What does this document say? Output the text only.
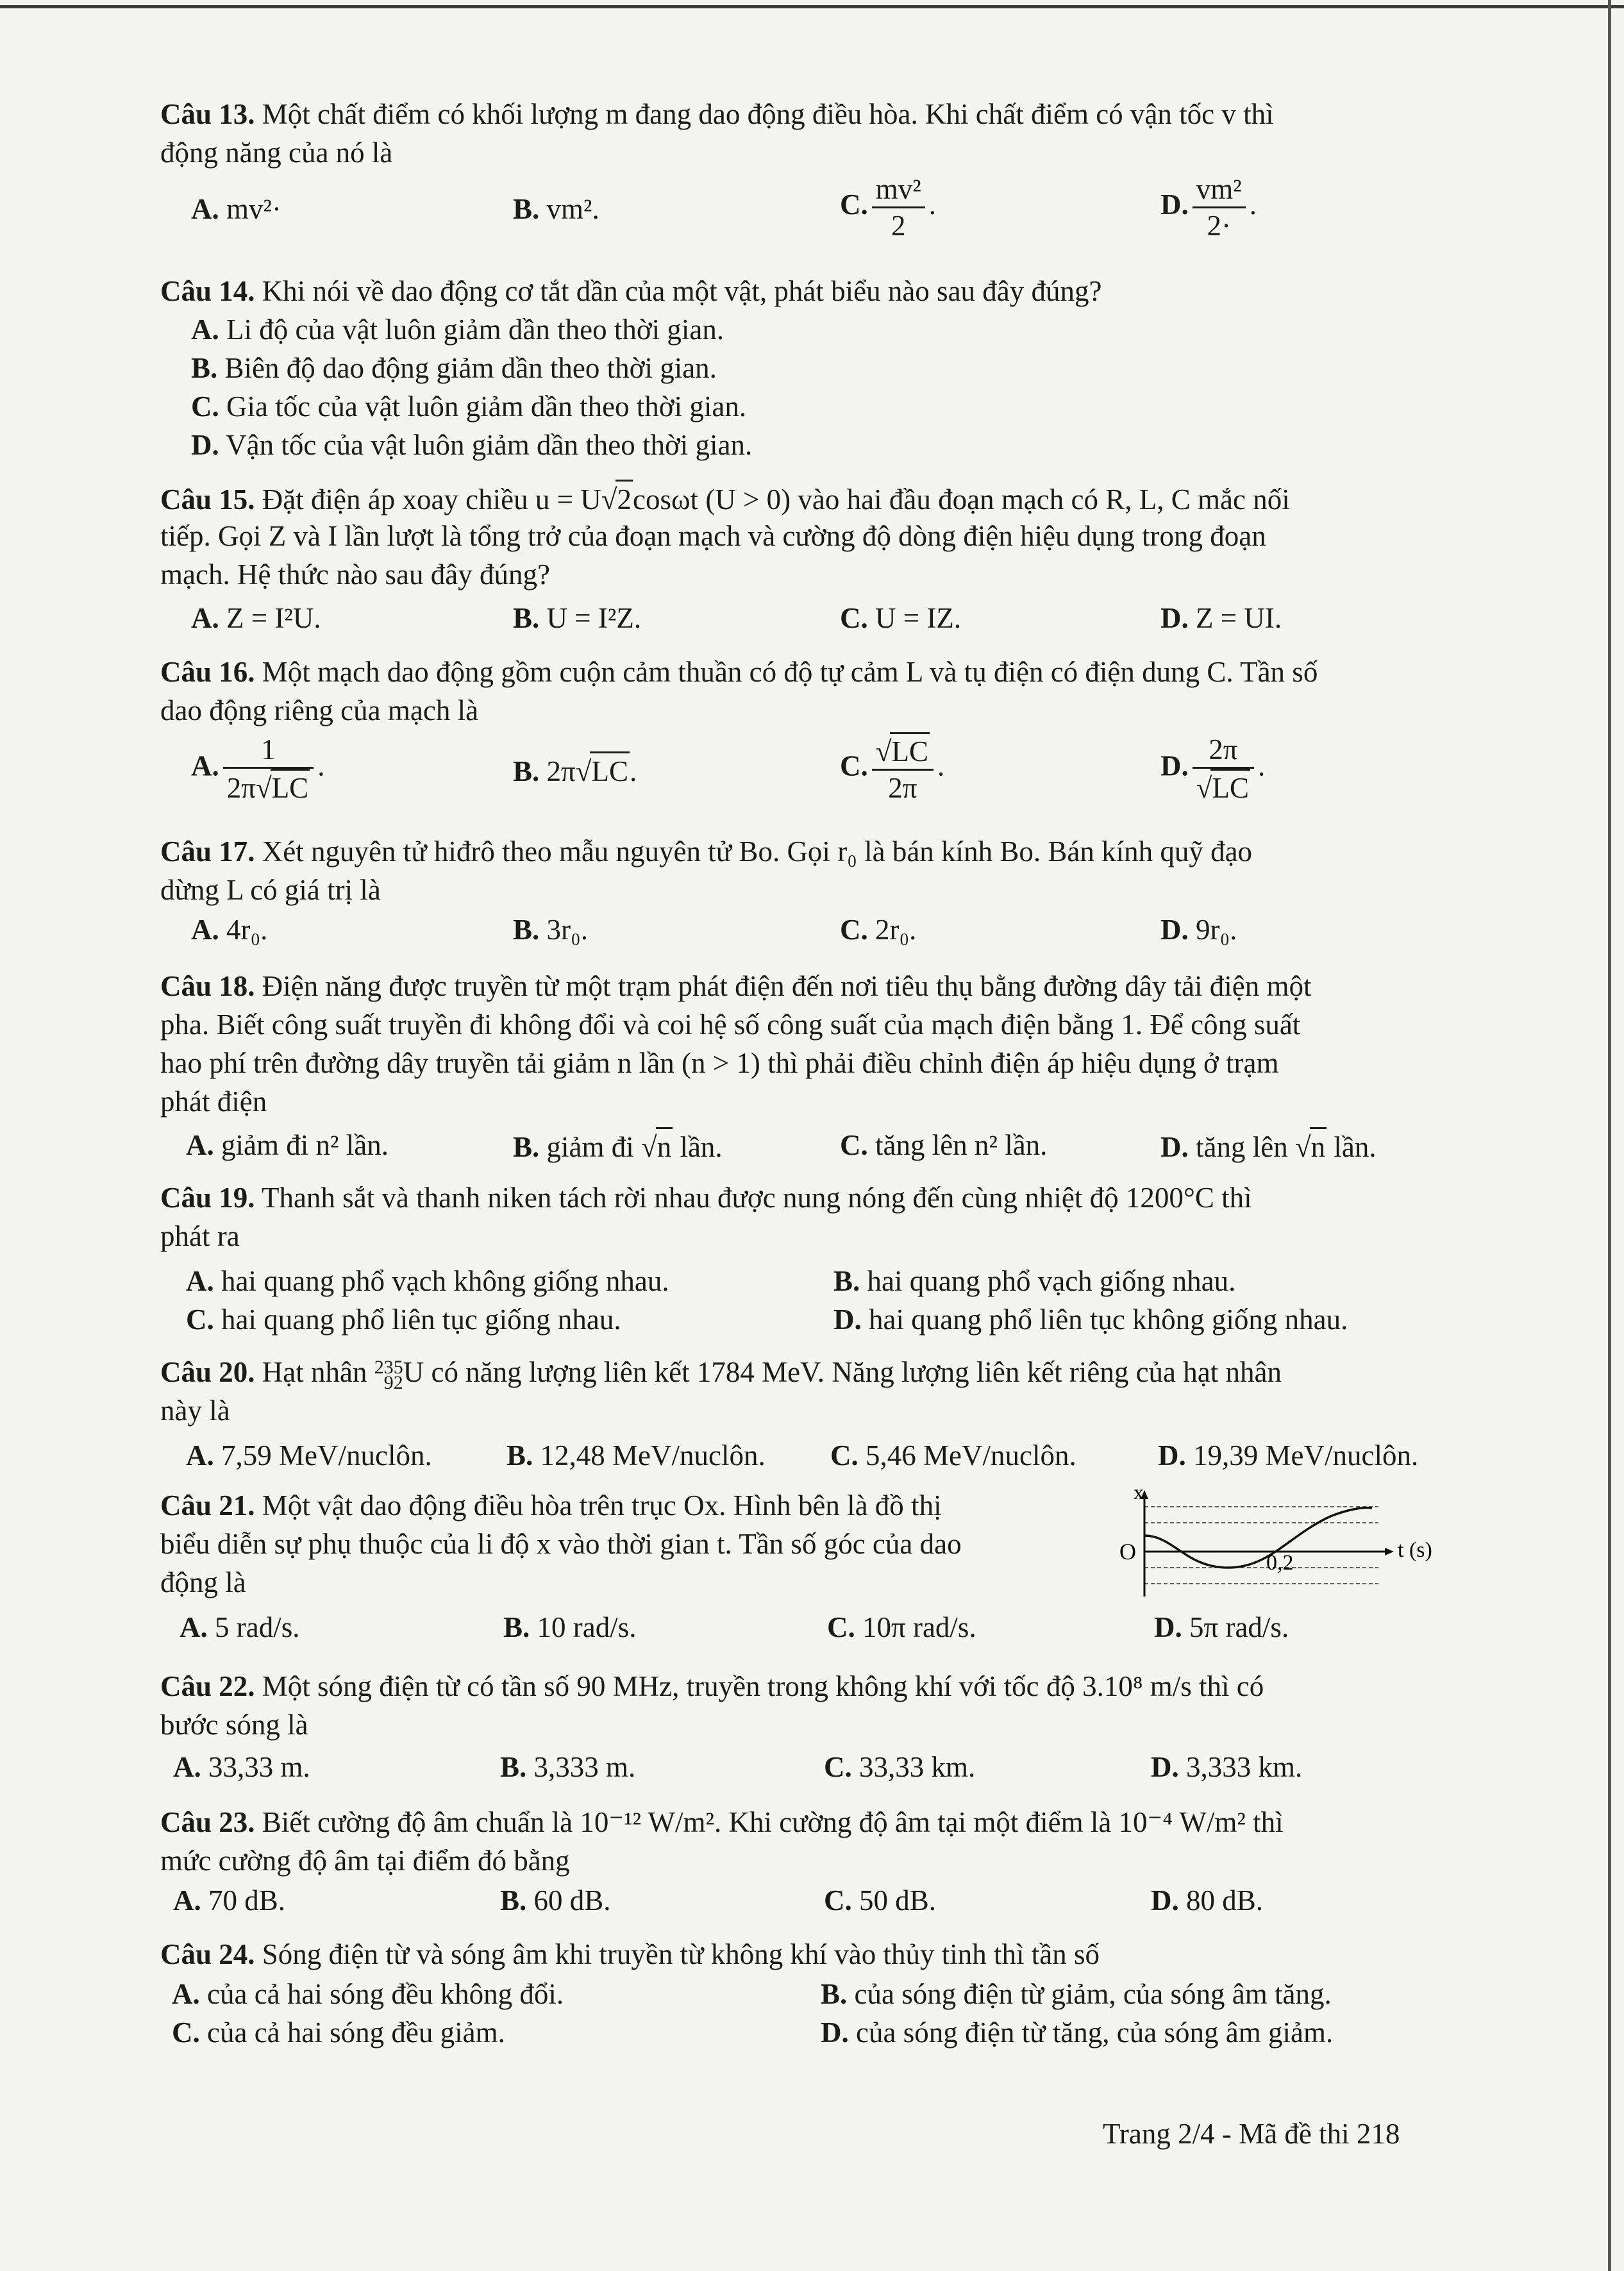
Câu 13. Một chất điểm có khối lượng m đang dao động điều hòa. Khi chất điểm có vận tốc v thì
động năng của nó là
A. mv²·	B. vm².	C. $\frac{\text{mv²}}{2}$ .	D. $\frac{\text{vm²}}{2\cdot}$ .
Câu 14. Khi nói về dao động cơ tắt dần của một vật, phát biểu nào sau đây đúng?
A. Li độ của vật luôn giảm dần theo thời gian.
B. Biên độ dao động giảm dần theo thời gian.
C. Gia tốc của vật luôn giảm dần theo thời gian.
D. Vận tốc của vật luôn giảm dần theo thời gian.
Câu 15. Đặt điện áp xoay chiều u = U√2cosωt (U > 0) vào hai đầu đoạn mạch có R, L, C mắc nối
tiếp. Gọi Z và I lần lượt là tổng trở của đoạn mạch và cường độ dòng điện hiệu dụng trong đoạn
mạch. Hệ thức nào sau đây đúng?
A. Z = I²U.	B. U = I²Z.	C. U = IZ.	D. Z = UI.
Câu 16. Một mạch dao động gồm cuộn cảm thuần có độ tự cảm L và tụ điện có điện dung C. Tần số
dao động riêng của mạch là
A. $\frac{1}{2\pi√LC}$ .	B. 2π√LC.	C. $\frac{√LC}{2\pi}$ .	D. $\frac{2\pi}{√LC}$ .
Câu 17. Xét nguyên tử hiđrô theo mẫu nguyên tử Bo. Gọi r₀ là bán kính Bo. Bán kính quỹ đạo
dừng L có giá trị là
A. 4r₀.	B. 3r₀.	C. 2r₀.	D. 9r₀.
Câu 18. Điện năng được truyền từ một trạm phát điện đến nơi tiêu thụ bằng đường dây tải điện một
pha. Biết công suất truyền đi không đổi và coi hệ số công suất của mạch điện bằng 1. Để công suất
hao phí trên đường dây truyền tải giảm n lần (n > 1) thì phải điều chỉnh điện áp hiệu dụng ở trạm
phát điện
A. giảm đi n² lần.	B. giảm đi √n lần.	C. tăng lên n² lần.	D. tăng lên √n lần.
Câu 19. Thanh sắt và thanh niken tách rời nhau được nung nóng đến cùng nhiệt độ 1200°C thì
phát ra
A. hai quang phổ vạch không giống nhau.	B. hai quang phổ vạch giống nhau.
C. hai quang phổ liên tục giống nhau.	D. hai quang phổ liên tục không giống nhau.
Câu 20. Hạt nhân 235
92 U có năng lượng liên kết 1784 MeV. Năng lượng liên kết riêng của hạt nhân
này là
A. 7,59 MeV/nuclôn.	B. 12,48 MeV/nuclôn. C. 5,46 MeV/nuclôn.	D. 19,39 MeV/nuclôn.
Câu 21. Một vật dao động điều hòa trên trục Ox. Hình bên là đồ thị
biểu diễn sự phụ thuộc của li độ x vào thời gian t. Tần số góc của dao
động là
A. 5 rad/s.	B. 10 rad/s.	C. 10π rad/s.	D. 5π rad/s.
Câu 22. Một sóng điện từ có tần số 90 MHz, truyền trong không khí với tốc độ 3.10⁸ m/s thì có
bước sóng là
A. 33,33 m.	B. 3,333 m.	C. 33,33 km.	D. 3,333 km.
Câu 23. Biết cường độ âm chuẩn là 10⁻¹² W/m². Khi cường độ âm tại một điểm là 10⁻⁴ W/m² thì
mức cường độ âm tại điểm đó bằng
A. 70 dB.	B. 60 dB.	C. 50 dB.	D. 80 dB.
Câu 24. Sóng điện từ và sóng âm khi truyền từ không khí vào thủy tinh thì tần số
A. của cả hai sóng đều không đổi.	B. của sóng điện từ giảm, của sóng âm tăng.
C. của cả hai sóng đều giảm.	D. của sóng điện từ tăng, của sóng âm giảm.
x
O	0,2
t (s)
Trang 2/4 - Mã đề thi 218
